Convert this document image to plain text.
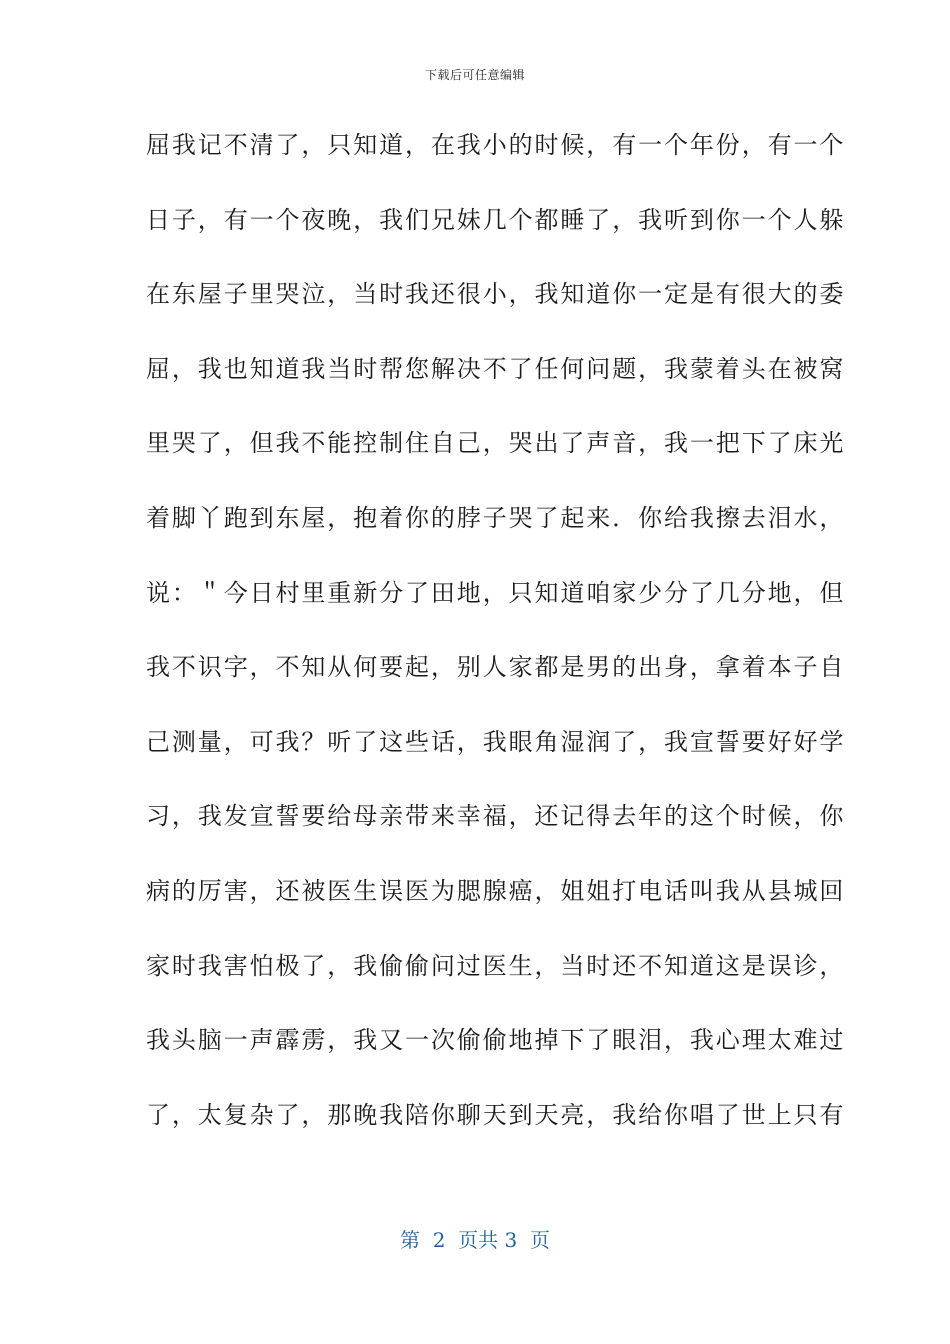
下载后可任意编辑
屈我记不清了，只知道，在我小的时候，有一个年份，有一个
日子，有一个夜晚，我们兄妹几个都睡了，我听到你一个人躲
在东屋子里哭泣，当时我还很小，我知道你一定是有很大的委
屈，我也知道我当时帮您解决不了任何问题，我蒙着头在被窝
里哭了，但我不能控制住自己，哭出了声音，我一把下了床光
着脚丫跑到东屋，抱着你的脖子哭了起来．你给我擦去泪水，
说：＂今日村里重新分了田地，只知道咱家少分了几分地，但
我不识字，不知从何要起，别人家都是男的出身，拿着本子自
己测量，可我？听了这些话，我眼角湿润了，我宣誓要好好学
习，我发宣誓要给母亲带来幸福，还记得去年的这个时候，你
病的厉害，还被医生误医为腮腺癌，姐姐打电话叫我从县城回
家时我害怕极了，我偷偷问过医生，当时还不知道这是误诊，
我头脑一声霹雳，我又一次偷偷地掉下了眼泪，我心理太难过
了，太复杂了，那晚我陪你聊天到天亮，我给你唱了世上只有
第  2  页共 3  页
